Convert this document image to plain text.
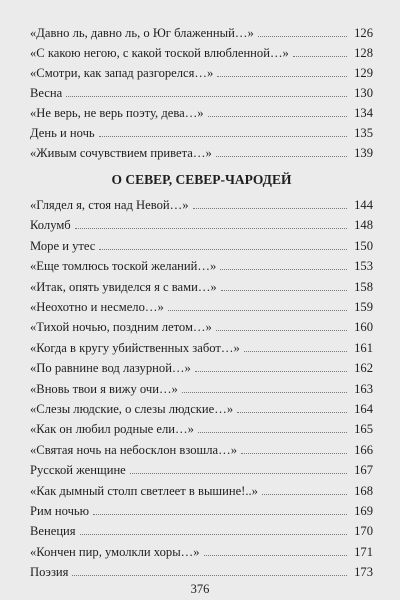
«Давно ль, давно ль, о Юг блаженный…»	126
«С какою негою, с какой тоской влюбленной…»	128
«Смотри, как запад разгорелся…»	129
Весна	130
«Не верь, не верь поэту, дева…»	134
День и ночь	135
«Живым сочувствием привета…»	139
О СЕВЕР, СЕВЕР-ЧАРОДЕЙ
«Глядел я, стоя над Невой…»	144
Колумб	148
Море и утес	150
«Еще томлюсь тоской желаний…»	153
«Итак, опять увиделся я с вами…»	158
«Неохотно и несмело…»	159
«Тихой ночью, поздним летом…»	160
«Когда в кругу убийственных забот…»	161
«По равнине вод лазурной…»	162
«Вновь твои я вижу очи…»	163
«Слезы людские, о слезы людские…»	164
«Как он любил родные ели…»	165
«Святая ночь на небосклон взошла…»	166
Русской женщине	167
«Как дымный столп светлеет в вышине!..»	168
Рим ночью	169
Венеция	170
«Кончен пир, умолкли хоры…»	171
Поэзия	173
376
